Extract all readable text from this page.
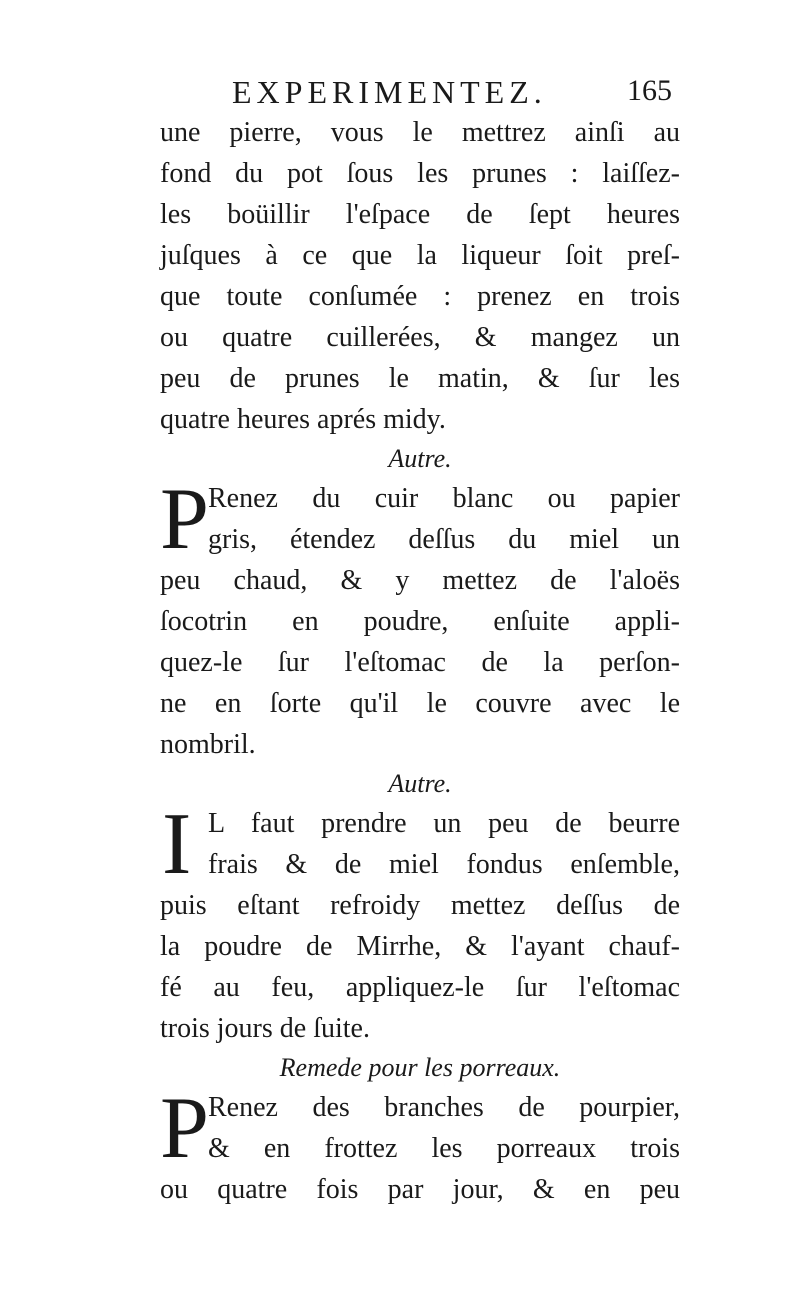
EXPERIMENTEZ.	165
une pierre, vous le mettrez ainſi au
fond du pot ſous les prunes : laiſſez-
les boüillir l'eſpace de ſept heures
juſques à ce que la liqueur ſoit preſ-
que toute conſumée : prenez en trois
ou quatre cuillerées, & mangez un
peu de prunes le matin, & ſur les
quatre heures aprés midy.
Autre.
P Renez du cuir blanc ou papier
gris, étendez deſſus du miel un
peu chaud, & y mettez de l'aloës
ſocotrin en poudre, enſuite appli-
quez-le ſur l'eſtomac de la perſon-
ne en ſorte qu'il le couvre avec le
nombril.
Autre.
I L faut prendre un peu de beurre
frais & de miel fondus enſemble,
puis eſtant refroidy mettez deſſus de
la poudre de Mirrhe, & l'ayant chauf-
fé au feu, appliquez-le ſur l'eſtomac
trois jours de ſuite.
Remede pour les porreaux.
P Renez des branches de pourpier,
& en frottez les porreaux trois
ou quatre fois par jour, & en peu
